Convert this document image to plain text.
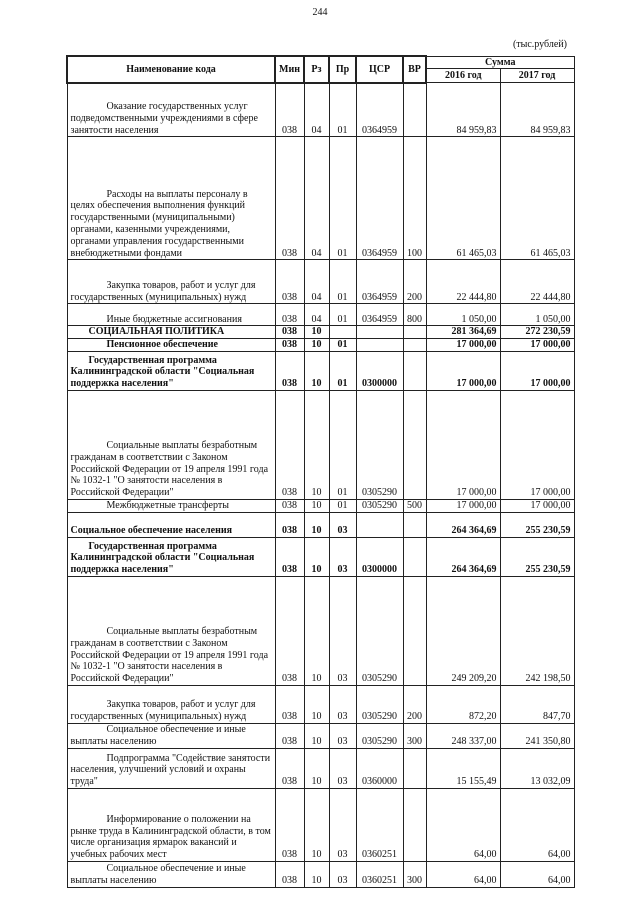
244
(тыс.рублей)
Наименование кода	Мин	Рз	Пр	ЦСР	ВР	Сумма	
						2016 год	2017 год
Оказание государственных услуг подведомственными учреждениями в сфере занятости населения	038	04	01	0364959		84 959,83	84 959,83
Расходы на выплаты персоналу в целях обеспечения выполнения функций государственными (муниципальными) органами, казенными учреждениями, органами управления государственными внебюджетными фондами	038	04	01	0364959	100	61 465,03	61 465,03
Закупка товаров, работ и услуг для государственных (муниципальных) нужд	038	04	01	0364959	200	22 444,80	22 444,80
Иные бюджетные ассигнования	038	04	01	0364959	800	1 050,00	1 050,00
СОЦИАЛЬНАЯ ПОЛИТИКА	038	10				281 364,69	272 230,59
Пенсионное обеспечение	038	10	01			17 000,00	17 000,00
Государственная программа Калининградской области "Социальная поддержка населения"	038	10	01	0300000		17 000,00	17 000,00
Социальные выплаты безработным гражданам в соответствии с Законом Российской Федерации от 19 апреля 1991 года № 1032-1 "О занятости населения в Российской Федерации"	038	10	01	0305290		17 000,00	17 000,00
Межбюджетные трансферты	038	10	01	0305290	500	17 000,00	17 000,00
Социальное обеспечение населения	038	10	03			264 364,69	255 230,59
Государственная программа Калининградской области "Социальная поддержка населения"	038	10	03	0300000		264 364,69	255 230,59
Социальные выплаты безработным гражданам в соответствии с Законом Российской Федерации от 19 апреля 1991 года № 1032-1 "О занятости населения в Российской Федерации"	038	10	03	0305290		249 209,20	242 198,50
Закупка товаров, работ и услуг для государственных (муниципальных) нужд	038	10	03	0305290	200	872,20	847,70
Социальное обеспечение и иные выплаты населению	038	10	03	0305290	300	248 337,00	241 350,80
Подпрограмма "Содействие занятости населения, улучшений условий и охраны труда"	038	10	03	0360000		15 155,49	13 032,09
Информирование о положении на рынке труда в Калининградской области, в том числе организация ярмарок вакансий и учебных рабочих мест	038	10	03	0360251		64,00	64,00
Социальное обеспечение и иные выплаты населению	038	10	03	0360251	300	64,00	64,00
